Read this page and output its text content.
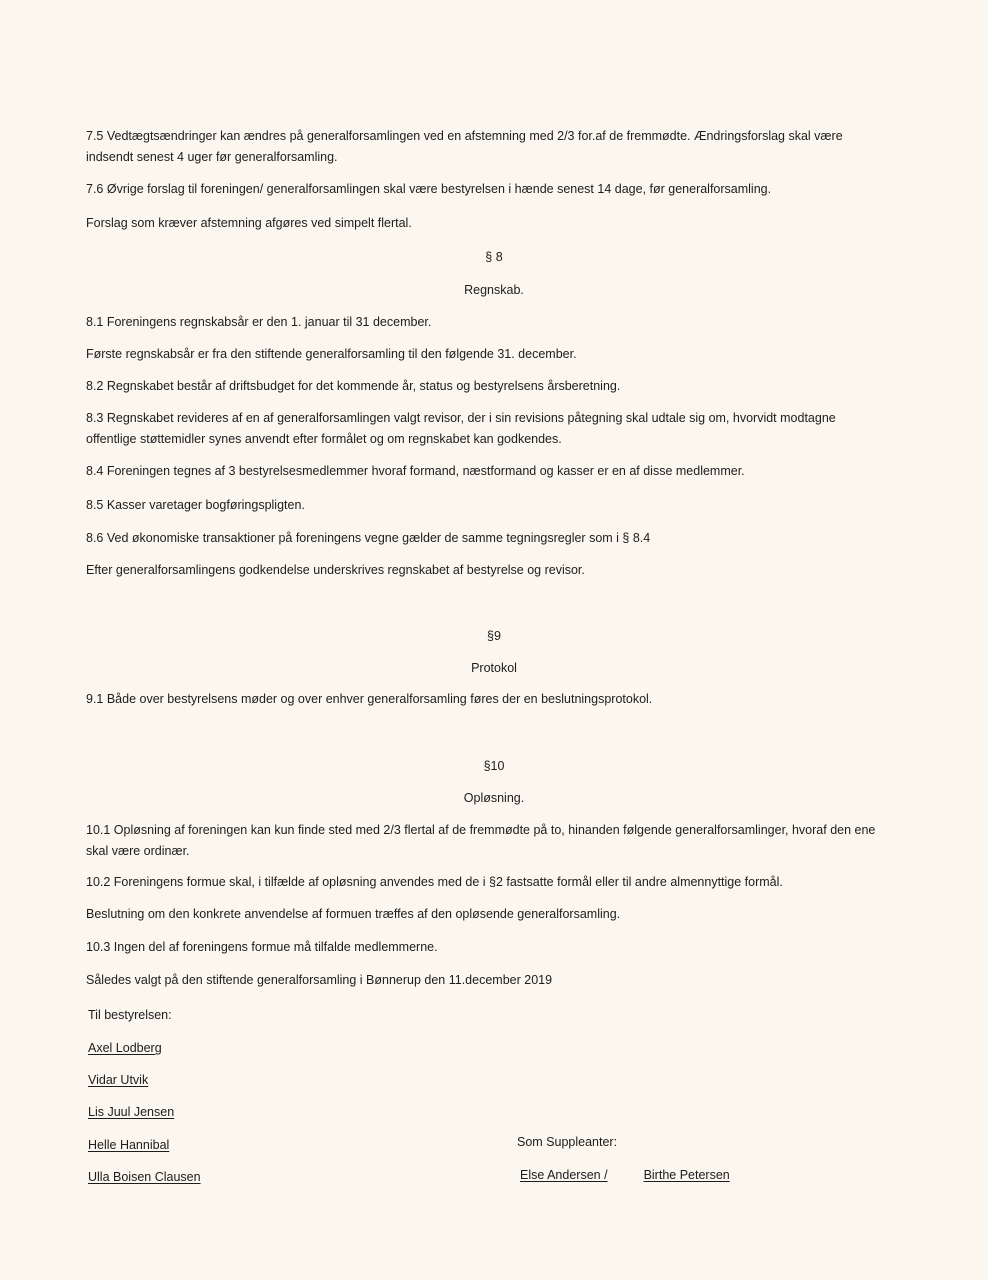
7.5 Vedtægtsændringer kan ændres på generalforsamlingen ved en afstemning med 2/3 for.af de fremmødte. Ændringsforslag skal være indsendt senest 4 uger før generalforsamling.

7.6 Øvrige forslag til foreningen/ generalforsamlingen skal være bestyrelsen i hænde senest 14 dage, før generalforsamling.

Forslag som kræver afstemning afgøres ved simpelt flertal.

§ 8

Regnskab.

8.1 Foreningens regnskabsår er den 1. januar til 31 december.

Første regnskabsår er fra den stiftende generalforsamling til den følgende 31. december.

8.2 Regnskabet består af driftsbudget for det kommende år, status og bestyrelsens årsberetning.

8.3 Regnskabet revideres af en af generalforsamlingen valgt revisor, der i sin revisions påtegning skal udtale sig om, hvorvidt modtagne offentlige støttemidler synes anvendt efter formålet og om regnskabet kan godkendes.

8.4 Foreningen tegnes af 3 bestyrelsesmedlemmer hvoraf formand, næstformand og kasser er en af disse medlemmer.

8.5 Kasser varetager bogføringspligten.

8.6 Ved økonomiske transaktioner på foreningens vegne gælder de samme tegningsregler som i § 8.4

Efter generalforsamlingens godkendelse underskrives regnskabet af bestyrelse og revisor.

§9

Protokol

9.1 Både over bestyrelsens møder og over enhver generalforsamling føres der en beslutningsprotokol.

§10

Opløsning.

10.1 Opløsning af foreningen kan kun finde sted med 2/3 flertal af de fremmødte på to, hinanden følgende generalforsamlinger, hvoraf den ene skal være ordinær.

10.2 Foreningens formue skal, i tilfælde af opløsning anvendes med de i §2 fastsatte formål eller til andre almennyttige formål.

Beslutning om den konkrete anvendelse af formuen træffes af den opløsende generalforsamling.

10.3 Ingen del af foreningens formue må tilfalde medlemmerne.

Således valgt på den stiftende generalforsamling i Bønnerup den 11.december 2019

Til bestyrelsen:
Axel Lodberg
Vidar Utvik
Lis Juul Jensen
Helle Hannibal
Ulla Boisen Clausen
Som Suppleanter:
Else Andersen /	Birthe Petersen
